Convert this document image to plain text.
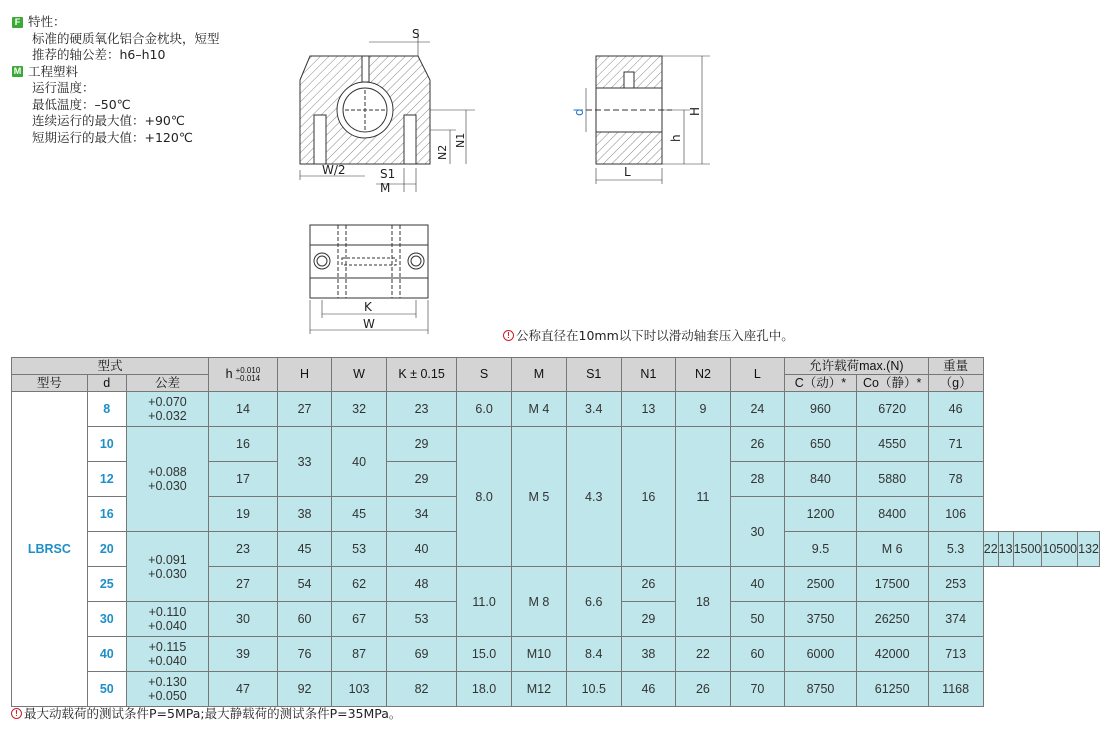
F 特性：
标准的硬质氧化铝合金枕块，短型
推荐的轴公差：h6–h10
M 工程塑料
运行温度：
最低温度：–50℃
连续运行的最大值：+90℃
短期运行的最大值：+120℃
S
W/2	S1
M
N2
N1
d	H
h
L
K
W
! 公称直径在10mm以下时以滑动轴套压入座孔中。
型式			h +0.010
–0.014	H	W	K ± 0.15	S	M	S1	N1	N2	L	允许载荷max.(N)		重量					
型号	d	公差											C（动）*	Co（静）*	（g）					
LBRSC	8	+0.070
+0.032	14	27	32	23	6.0	M 4	3.4	13	9	24	960	6720	46					
	10	+0.088
+0.030	16	33	40	29	8.0	M 5	4.3	16	11	26	650	4550	71					
	12		17			29						28	840	5880	78					
	16		19	38	45	34						30	1200	8400	106					
	20	+0.091
+0.030	23	45	53	40							9.5	M 6	5.3	22	13	1500	10500	132
	25		27	54	62	48	11.0	M 8	6.6	26	18	40	2500	17500	253					
	30	+0.110
+0.040	30	60	67	53				29		50	3750	26250	374					
	40	+0.115
+0.040	39	76	87	69	15.0	M10	8.4	38	22	60	6000	42000	713					
	50	+0.130
+0.050	47	92	103	82	18.0	M12	10.5	46	26	70	8750	61250	1168					
! 最大动载荷的测试条件P=5MPa;最大静载荷的测试条件P=35MPa。
